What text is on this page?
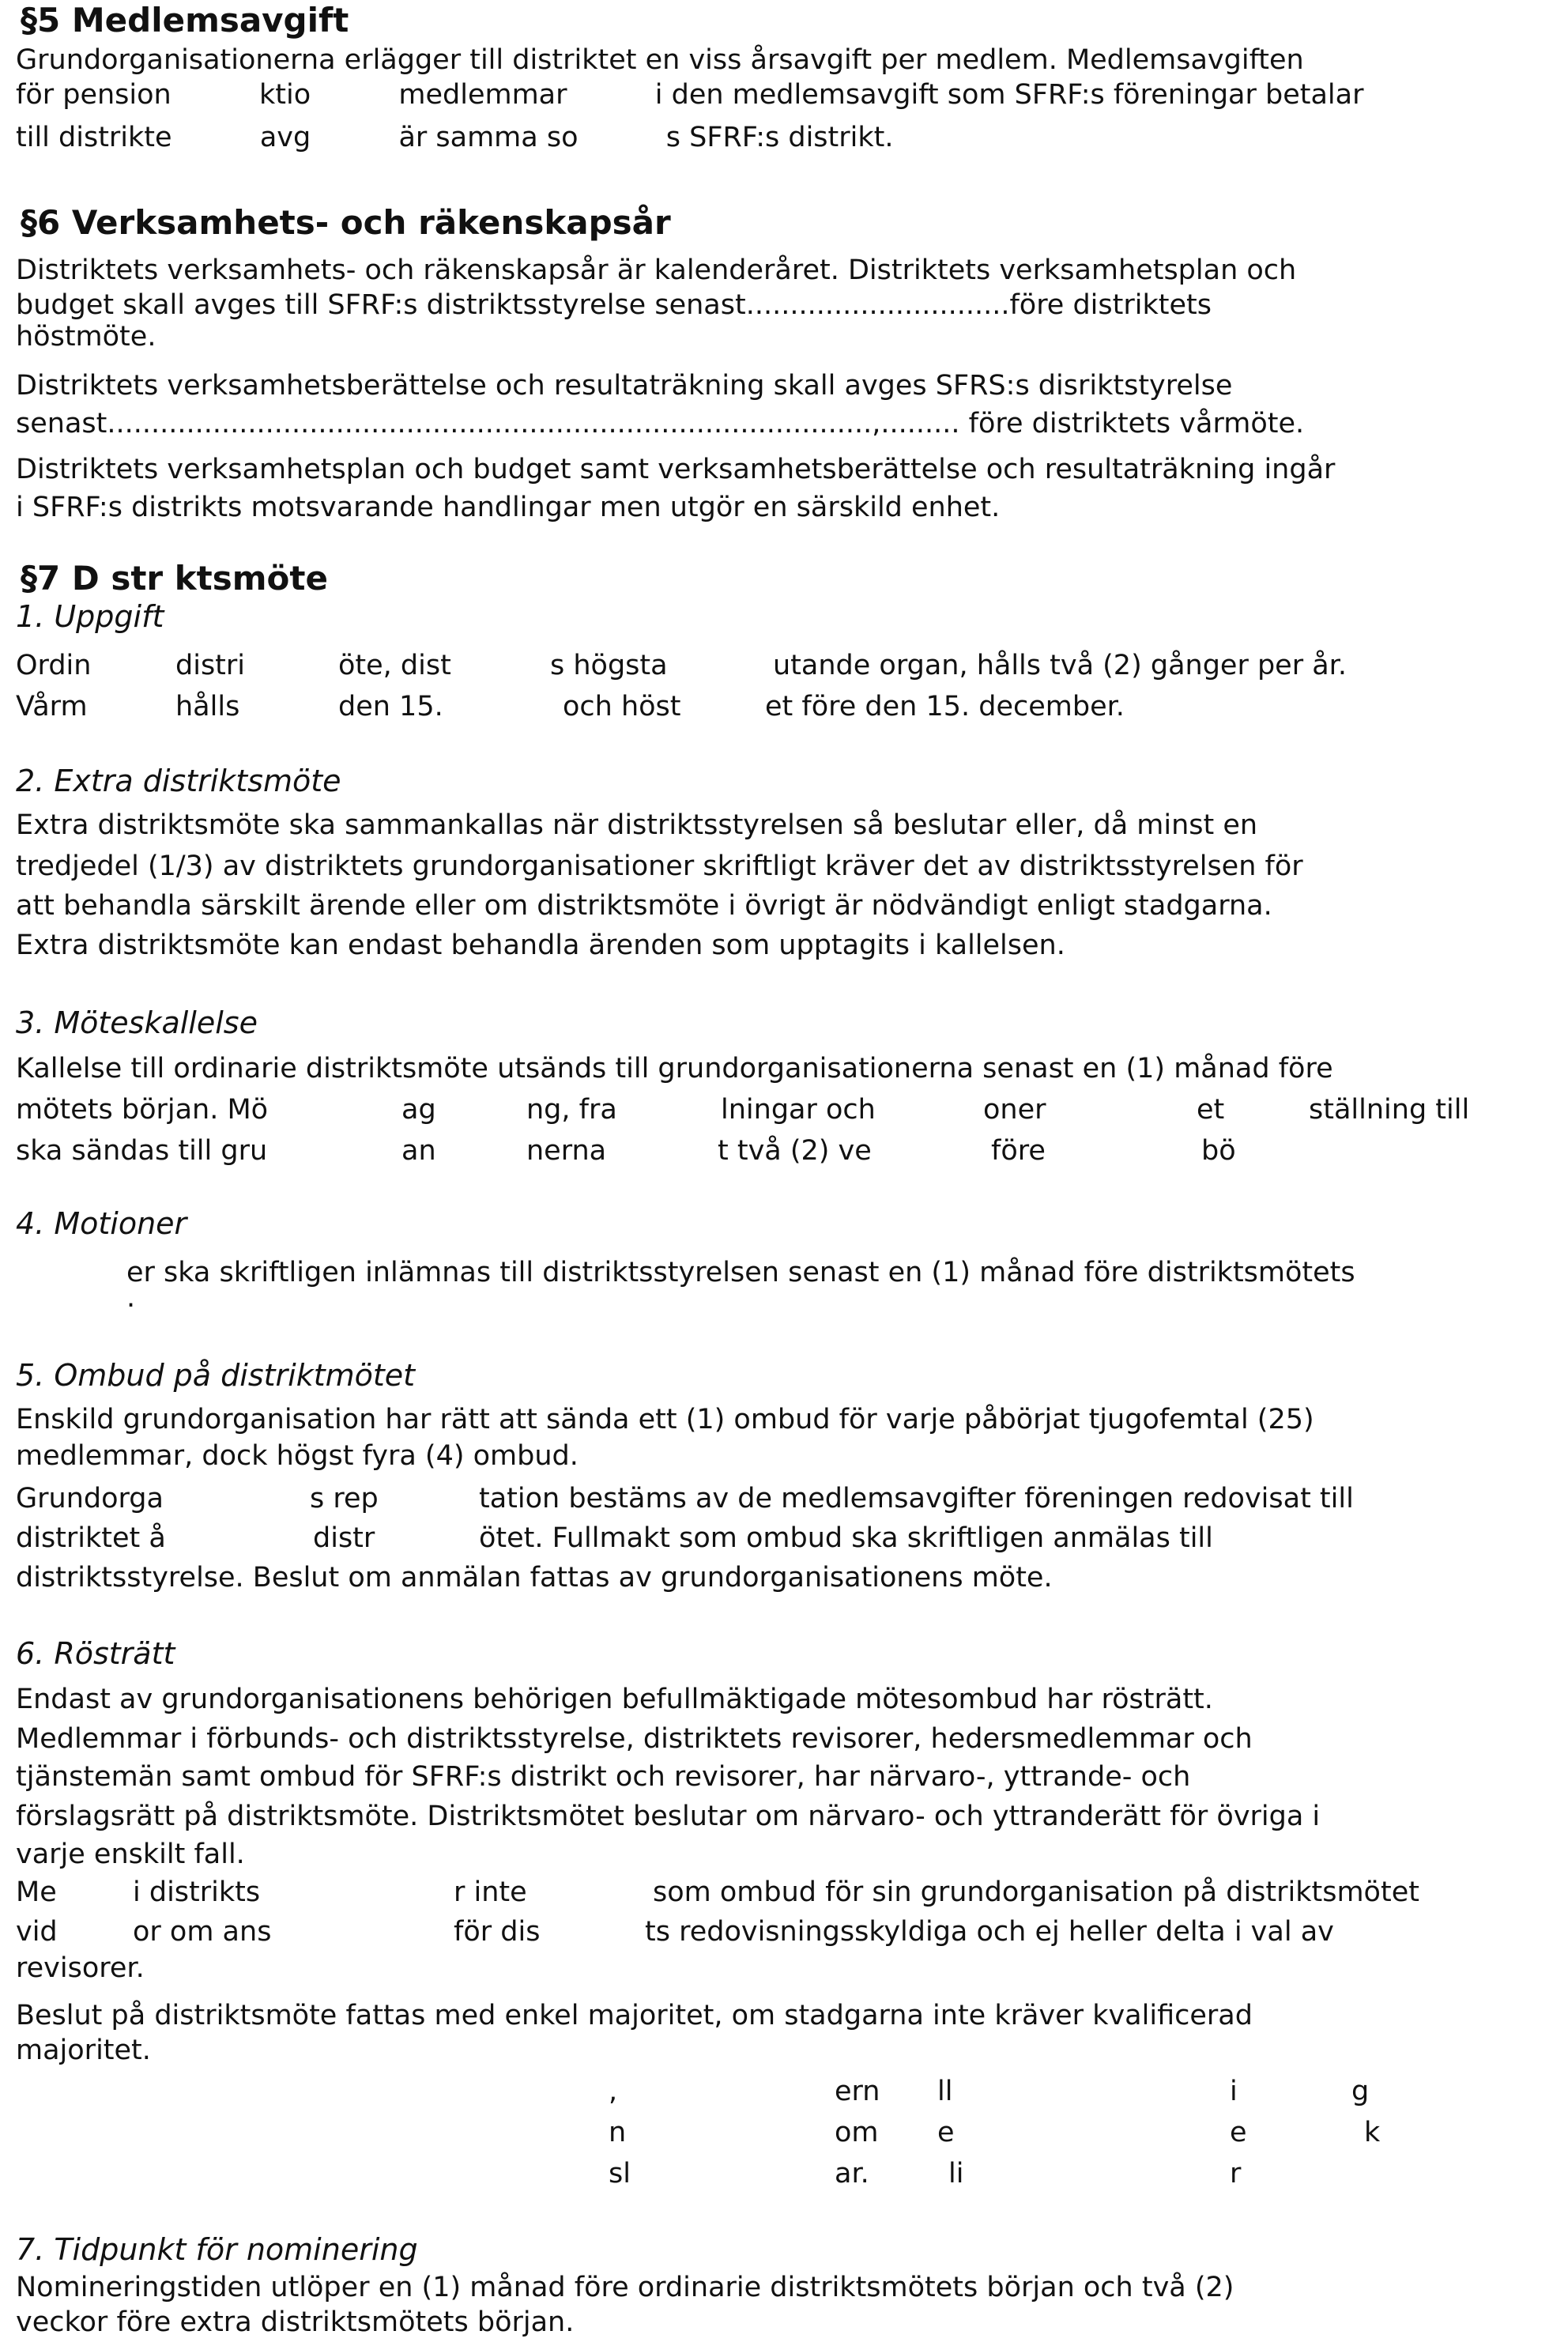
§5 Medlemsavgift
Grundorganisationerna erlägger till distriktet en viss årsavgift per medlem. Medlemsavgiften
för pension          ktio          medlemmar          i den medlemsavgift som SFRF:s föreningar betalar
till distrikte          avg          är samma so          s SFRF:s distrikt.
§6 Verksamhets- och räkenskapsår
Distriktets verksamhets- och räkenskapsår är kalenderåret. Distriktets verksamhetsplan och
budget skall avges till SFRF:s distriktsstyrelse senast..............................före distriktets
höstmöte.
Distriktets verksamhetsberättelse och resultaträkning skall avges SFRS:s disriktstyrelse
senast.......................................................................................,......... före distriktets vårmöte.
Distriktets verksamhetsplan och budget samt verksamhetsberättelse och resultaträkning ingår
i SFRF:s distrikts motsvarande handlingar men utgör en särskild enhet.
§7 D str ktsmöte
1. Uppgift
Ordin	distri	öte, dist	s högsta	utande organ, hålls två (2) gånger per år.
Vårm	hålls	den 15.	och höst	et före den 15. december.
2. Extra distriktsmöte
Extra distriktsmöte ska sammankallas när distriktsstyrelsen så beslutar eller, då minst en
tredjedel (1/3) av distriktets grundorganisationer skriftligt kräver det av distriktsstyrelsen för
att behandla särskilt ärende eller om distriktsmöte i övrigt är nödvändigt enligt stadgarna.
Extra distriktsmöte kan endast behandla ärenden som upptagits i kallelsen.
3. Möteskallelse
Kallelse till ordinarie distriktsmöte utsänds till grundorganisationerna senast en (1) månad före
mötets början. Mö	ag	ng, fra	lningar och	oner	et	ställning till
ska sändas till gru	an	nerna	t två (2) ve	före	bö
4. Motioner
er ska skriftligen inlämnas till distriktsstyrelsen senast en (1) månad före distriktsmötets
.
5. Ombud på distriktmötet
Enskild grundorganisation har rätt att sända ett (1) ombud för varje påbörjat tjugofemtal (25)
medlemmar, dock högst fyra (4) ombud.
Grundorga	s rep	tation bestäms av de medlemsavgifter föreningen redovisat till
distriktet å	distr	ötet. Fullmakt som ombud ska skriftligen anmälas till
distriktsstyrelse. Beslut om anmälan fattas av grundorganisationens möte.
6. Rösträtt
Endast av grundorganisationens behörigen befullmäktigade mötesombud har rösträtt.
Medlemmar i förbunds- och distriktsstyrelse, distriktets revisorer, hedersmedlemmar och
tjänstemän samt ombud för SFRF:s distrikt och revisorer, har närvaro-, yttrande- och
förslagsrätt på distriktsmöte. Distriktsmötet beslutar om närvaro- och yttranderätt för övriga i
varje enskilt fall.
Me	i distrikts	r inte	som ombud för sin grundorganisation på distriktsmötet
vid	or om ans	för dis	ts redovisningsskyldiga och ej heller delta i val av
revisorer.
Beslut på distriktsmöte fattas med enkel majoritet, om stadgarna inte kräver kvalificerad
majoritet.
,	ern ll	i	g
n	om e	e	k
sl	ar.	li	r
7. Tidpunkt för nominering
Nomineringstiden utlöper en (1) månad före ordinarie distriktsmötets början och två (2)
veckor före extra distriktsmötets början.
